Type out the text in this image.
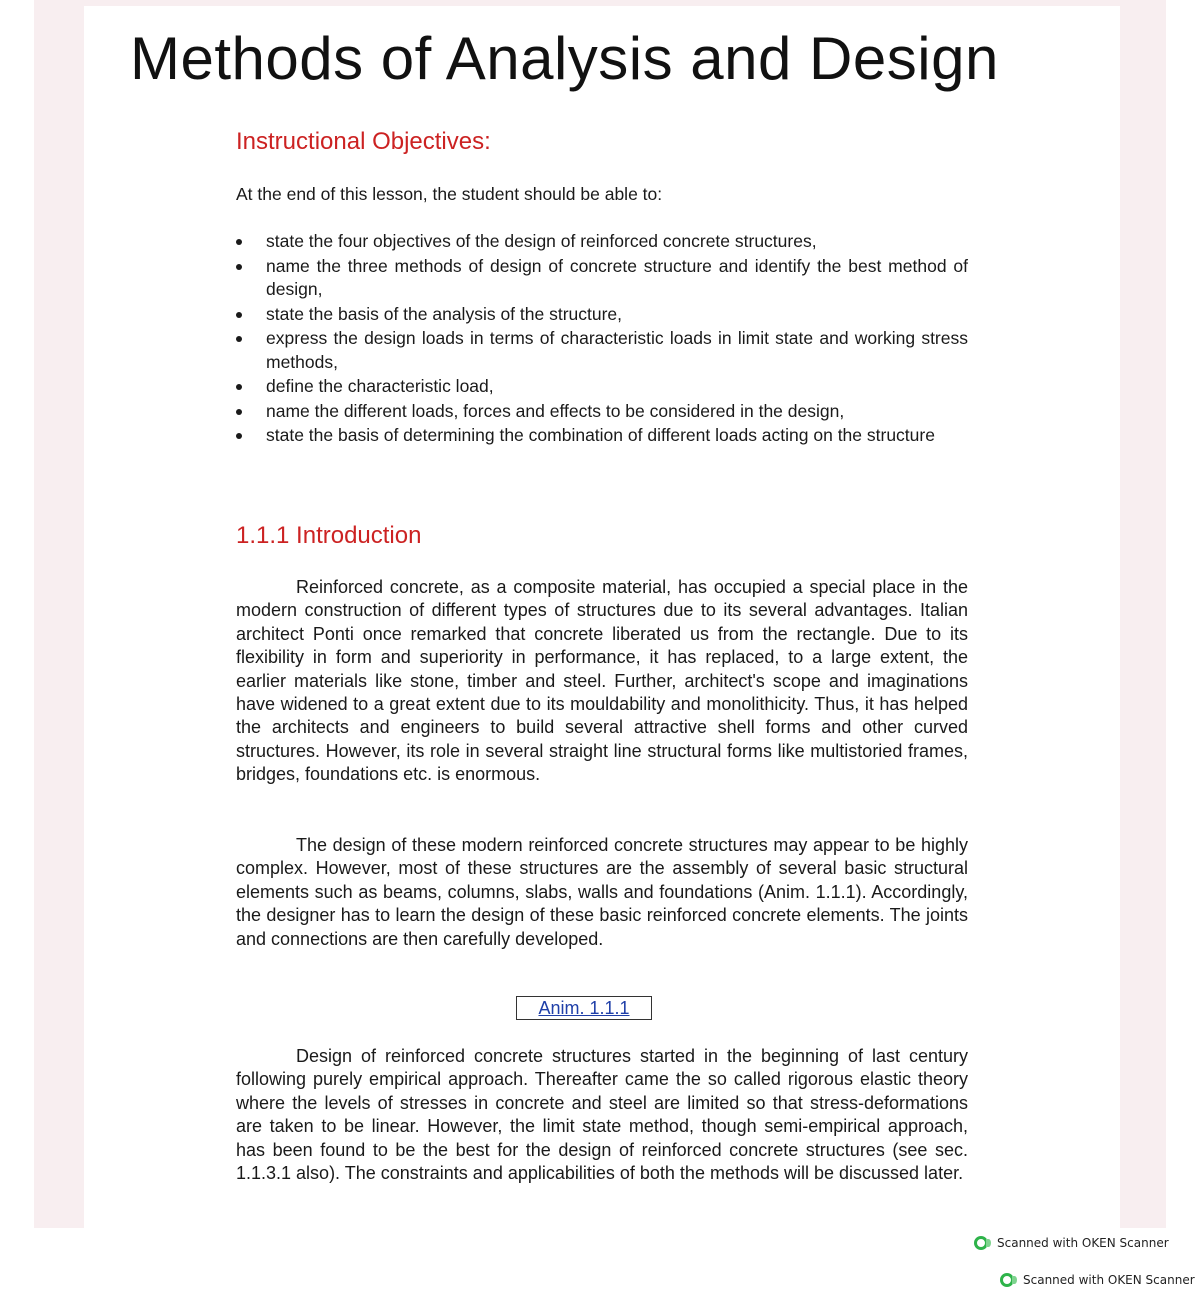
Methods of Analysis and Design
Instructional Objectives:

At the end of this lesson, the student should be able to:

state the four objectives of the design of reinforced concrete structures,
name the three methods of design of concrete structure and identify the best method of design,
state the basis of the analysis of the structure,
express the design loads in terms of characteristic loads in limit state and working stress methods,
define the characteristic load,
name the different loads, forces and effects to be considered in the design,
state the basis of determining the combination of different loads acting on the structure
1.1.1 Introduction

Reinforced concrete, as a composite material, has occupied a special place in the modern construction of different types of structures due to its several advantages. Italian architect Ponti once remarked that concrete liberated us from the rectangle. Due to its flexibility in form and superiority in performance, it has replaced, to a large extent, the earlier materials like stone, timber and steel. Further, architect's scope and imaginations have widened to a great extent due to its mouldability and monolithicity. Thus, it has helped the architects and engineers to build several attractive shell forms and other curved structures. However, its role in several straight line structural forms like multistoried frames, bridges, foundations etc. is enormous.

The design of these modern reinforced concrete structures may appear to be highly complex. However, most of these structures are the assembly of several basic structural elements such as beams, columns, slabs, walls and foundations (Anim. 1.1.1). Accordingly, the designer has to learn the design of these basic reinforced concrete elements. The joints and connections are then carefully developed.

Anim. 1.1.1

Design of reinforced concrete structures started in the beginning of last century following purely empirical approach. Thereafter came the so called rigorous elastic theory where the levels of stresses in concrete and steel are limited so that stress-deformations are taken to be linear. However, the limit state method, though semi-empirical approach, has been found to be the best for the design of reinforced concrete structures (see sec. 1.1.3.1 also). The constraints and applicabilities of both the methods will be discussed later.

Scanned with OKEN Scanner
Scanned with OKEN Scanner
